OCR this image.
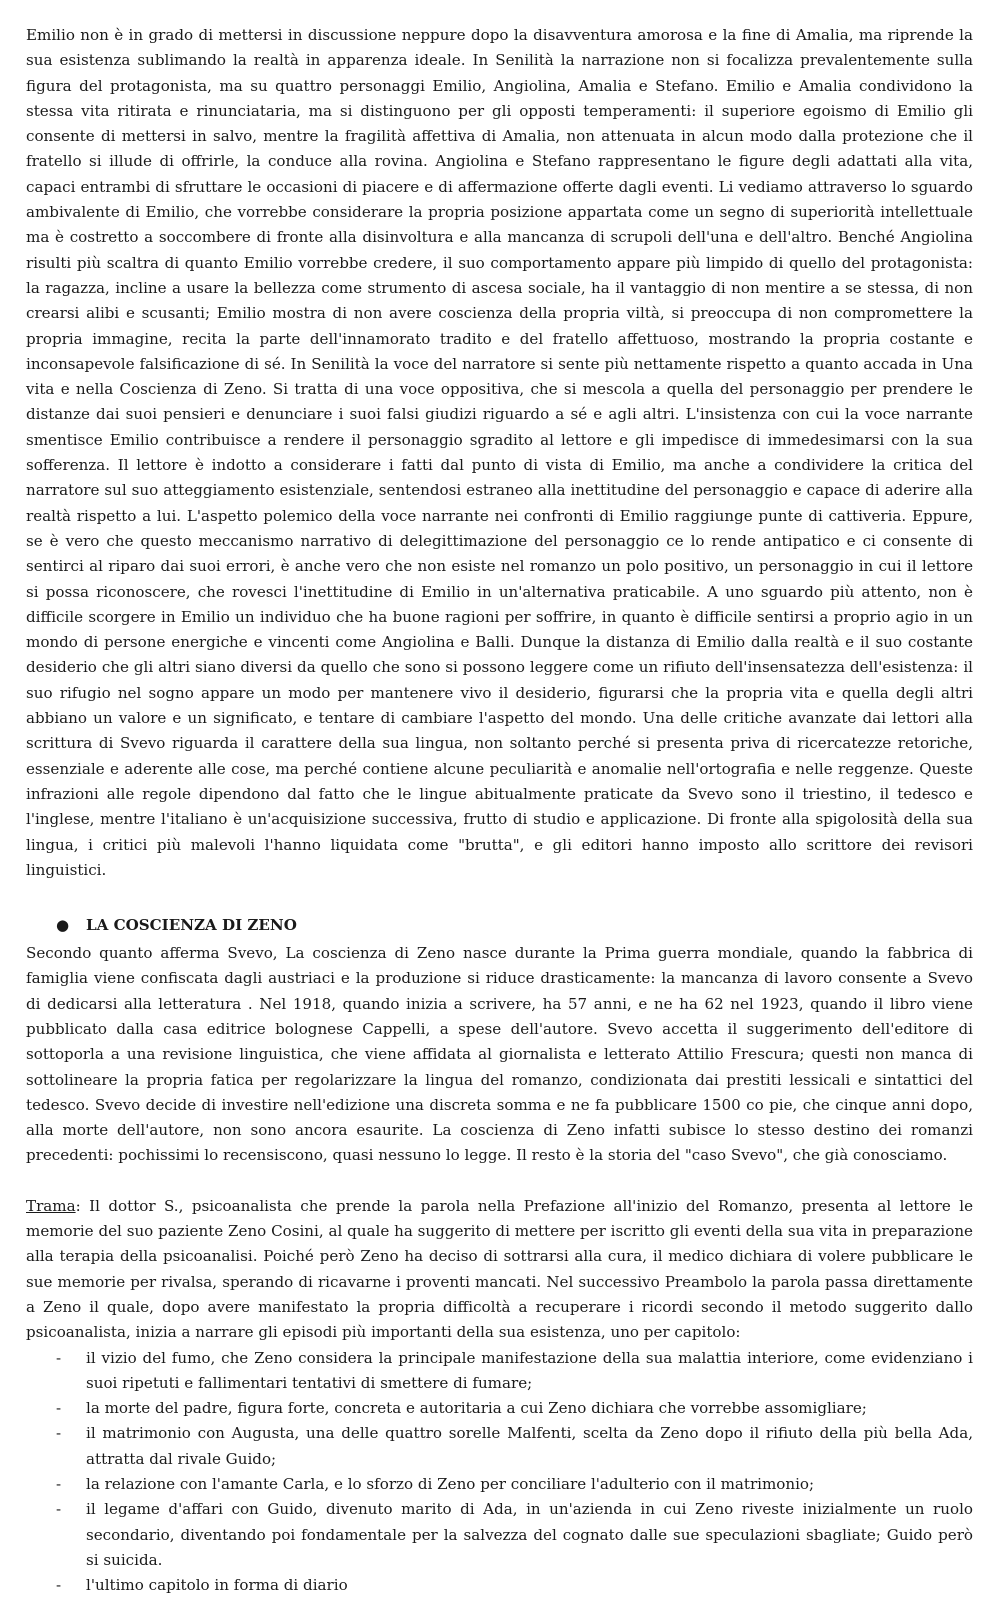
Emilio non è in grado di mettersi in discussione neppure dopo la disavventura amorosa e la fine di Amalia, ma riprende la sua esistenza sublimando la realtà in apparenza ideale. In Senilità la narrazione non si focalizza prevalentemente sulla figura del protagonista, ma su quattro personaggi Emilio, Angiolina, Amalia e Stefano. Emilio e Amalia condividono la stessa vita ritirata e rinunciataria, ma si distinguono per gli opposti temperamenti: il superiore egoismo di Emilio gli consente di mettersi in salvo, mentre la fragilità affettiva di Amalia, non attenuata in alcun modo dalla protezione che il fratello si illude di offrirle, la conduce alla rovina. Angiolina e Stefano rappresentano le figure degli adattati alla vita, capaci entrambi di sfruttare le occasioni di piacere e di affermazione offerte dagli eventi. Li vediamo attraverso lo sguardo ambivalente di Emilio, che vorrebbe considerare la propria posizione appartata come un segno di superiorità intellettuale ma è costretto a soccombere di fronte alla disinvoltura e alla mancanza di scrupoli dell'una e dell'altro. Benché Angiolina risulti più scaltra di quanto Emilio vorrebbe credere, il suo comportamento appare più limpido di quello del protagonista: la ragazza, incline a usare la bellezza come strumento di ascesa sociale, ha il vantaggio di non mentire a se stessa, di non crearsi alibi e scusanti; Emilio mostra di non avere coscienza della propria viltà, si preoccupa di non compromettere la propria immagine, recita la parte dell'innamorato tradito e del fratello affettuoso, mostrando la propria costante e inconsapevole falsificazione di sé. In Senilità la voce del narratore si sente più nettamente rispetto a quanto accada in Una vita e nella Coscienza di Zeno. Si tratta di una voce oppositiva, che si mescola a quella del personaggio per prendere le distanze dai suoi pensieri e denunciare i suoi falsi giudizi riguardo a sé e agli altri. L'insistenza con cui la voce narrante smentisce Emilio contribuisce a rendere il personaggio sgradito al lettore e gli impedisce di immedesimarsi con la sua sofferenza. Il lettore è indotto a considerare i fatti dal punto di vista di Emilio, ma anche a condividere la critica del narratore sul suo atteggiamento esistenziale, sentendosi estraneo alla inettitudine del personaggio e capace di aderire alla realtà rispetto a lui. L'aspetto polemico della voce narrante nei confronti di Emilio raggiunge punte di cattiveria. Eppure, se è vero che questo meccanismo narrativo di delegittimazione del personaggio ce lo rende antipatico e ci consente di sentirci al riparo dai suoi errori, è anche vero che non esiste nel romanzo un polo positivo, un personaggio in cui il lettore si possa riconoscere, che rovesci l'inettitudine di Emilio in un'alternativa praticabile. A uno sguardo più attento, non è difficile scorgere in Emilio un individuo che ha buone ragioni per soffrire, in quanto è difficile sentirsi a proprio agio in un mondo di persone energiche e vincenti come Angiolina e Balli. Dunque la distanza di Emilio dalla realtà e il suo costante desiderio che gli altri siano diversi da quello che sono si possono leggere come un rifiuto dell'insensatezza dell'esistenza: il suo rifugio nel sogno appare un modo per mantenere vivo il desiderio, figurarsi che la propria vita e quella degli altri abbiano un valore e un significato, e tentare di cambiare l'aspetto del mondo. Una delle critiche avanzate dai lettori alla scrittura di Svevo riguarda il carattere della sua lingua, non soltanto perché si presenta priva di ricercatezze retoriche, essenziale e aderente alle cose, ma perché contiene alcune peculiarità e anomalie nell'ortografia e nelle reggenze. Queste infrazioni alle regole dipendono dal fatto che le lingue abitualmente praticate da Svevo sono il triestino, il tedesco e l'inglese, mentre l'italiano è un'acquisizione successiva, frutto di studio e applicazione. Di fronte alla spigolosità della sua lingua, i critici più malevoli l'hanno liquidata come "brutta", e gli editori hanno imposto allo scrittore dei revisori linguistici.

●	LA COSCIENZA DI ZENO

Secondo quanto afferma Svevo, La coscienza di Zeno nasce durante la Prima guerra mondiale, quando la fabbrica di famiglia viene confiscata dagli austriaci e la produzione si riduce drasticamente: la mancanza di lavoro consente a Svevo di dedicarsi alla letteratura . Nel 1918, quando inizia a scrivere, ha 57 anni, e ne ha 62 nel 1923, quando il libro viene pubblicato dalla casa editrice bolognese Cappelli, a spese dell'autore. Svevo accetta il suggerimento dell'editore di sottoporla a una revisione linguistica, che viene affidata al giornalista e letterato Attilio Frescura; questi non manca di sottolineare la propria fatica per regolarizzare la lingua del romanzo, condizionata dai prestiti lessicali e sintattici del tedesco. Svevo decide di investire nell'edizione una discreta somma e ne fa pubblicare 1500 co pie, che cinque anni dopo, alla morte dell'autore, non sono ancora esaurite. La coscienza di Zeno infatti subisce lo stesso destino dei romanzi precedenti: pochissimi lo recensiscono, quasi nessuno lo legge. Il resto è la storia del "caso Svevo", che già conosciamo.

Trama: Il dottor S., psicoanalista che prende la parola nella Prefazione all'inizio del Romanzo, presenta al lettore le memorie del suo paziente Zeno Cosini, al quale ha suggerito di mettere per iscritto gli eventi della sua vita in preparazione alla terapia della psicoanalisi. Poiché però Zeno ha deciso di sottrarsi alla cura, il medico dichiara di volere pubblicare le sue memorie per rivalsa, sperando di ricavarne i proventi mancati. Nel successivo Preambolo la parola passa direttamente a Zeno il quale, dopo avere manifestato la propria difficoltà a recuperare i ricordi secondo il metodo suggerito dallo psicoanalista, inizia a narrare gli episodi più importanti della sua esistenza, uno per capitolo:

- il vizio del fumo, che Zeno considera la principale manifestazione della sua malattia interiore, come evidenziano i suoi ripetuti e fallimentari tentativi di smettere di fumare;
- la morte del padre, figura forte, concreta e autoritaria a cui Zeno dichiara che vorrebbe assomigliare;
- il matrimonio con Augusta, una delle quattro sorelle Malfenti, scelta da Zeno dopo il rifiuto della più bella Ada, attratta dal rivale Guido;
- la relazione con l'amante Carla, e lo sforzo di Zeno per conciliare l'adulterio con il matrimonio;
- il legame d'affari con Guido, divenuto marito di Ada, in un'azienda in cui Zeno riveste inizialmente un ruolo secondario, diventando poi fondamentale per la salvezza del cognato dalle sue speculazioni sbagliate; Guido però si suicida.
- l'ultimo capitolo in forma di diario
